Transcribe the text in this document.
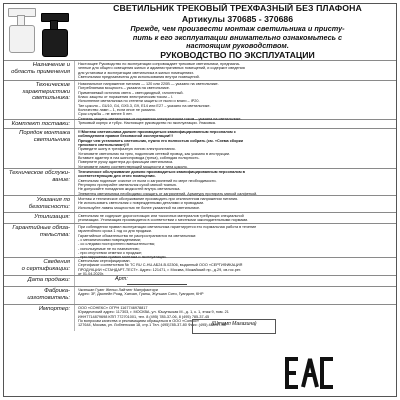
СВЕТИЛЬНИК ТРЕКОВЫЙ ТРЕХФАЗНЫЙ БЕЗ ПЛАФОНА
Артикулы 370685 - 370686
Прежде, чем произвести монтаж светильника и присту-
пить к его эксплуатации внимательно ознакомьтесь с
настоящим руководством.
РУКОВОДСТВО ПО ЭКСПЛУАТАЦИИ
Назначение и
область применения
Настоящее Руководство по эксплуатации сопровождает трековые светильники, предназна-
ченные для общего освещения жилых и административных помещений, и содержит сведения
для установки и эксплуатации светильника в жилых помещениях.
Светильники предназначены для использования внутри помещений.
Технические
характеристики
светильника:
Номинальное напряжение питания — 120 или 220В — указано на светильнике.
Потребляемая мощность – указана на светильнике.
Применяемый источник света – светодиодный, галогенный.
Класс защиты от поражения электрическим током – I.
Исполнение светильника по степени защиты от пыли и влаги – IP20.
Тип цоколя – GU10, G4, GX5.3, G9, E14 или E27 – указано на светильнике.
Количество ламп – 1, если иное не указано.
Срок службы – не менее 5 лет.
Степень защиты светильника от поражения электрическим током – указана на светильнике.
Комплект поставки: Трековый корпус и тубус. Настоящее руководство по эксплуатации. Упаковка.
Порядок монтажа
светильника
!!!Монтаж светильника должен производиться квалифицированным персоналом с
соблюдением правил безопасной эксплуатации!!!
Прежде чем установить светильник, нужно его полностью собрать (см. «Схема сборки
трекового светильника»)!!!
Приведите шину в трехфазную линию электропитания.
Установите светильник на трек, подключив сетевой провод, как указано в инструкции.
Вставьте адаптер в паз шинопровода (трека), соблюдая полярность.
Поверните ручку адаптера до фиксации светильника.
Установите лампу соответствующей мощности и типа цоколя.
Техническое обслужи-
вание:
Техническое обслуживание должно производиться квалифицированным персоналом в
соответствующим для этого помещении.
Светильник подлежит очистке от пыли и загрязнений по мере необходимости.
Регулярно протирайте светильник сухой мягкой тканью.
Не допускайте попадания жидкостей внутрь светильника.
Элементы светильника необходимо очищать от загрязнений. Арматуру протирать мягкой салфеткой.
Указания по
безопасности:
Монтаж и техническое обслуживание производить при отключенном напряжении питания.
Не использовать светильник с поврежденными деталями и проводами.
Используйте лампы мощностью не более указанной на светильнике.
Утилизация: Светильник не содержит дорогостоящих или токсичных материалов требующих специальной
утилизации. Утилизация производится в соответствии с местными законодательными нормами.
Гарантийные обяза-
тельства:
При соблюдении правил эксплуатации светильника гарантируется его нормальная работа в течение
гарантийного срока 1 год со дня продажи.
Гарантийные обязательства не распространяются на светильники:
- с механическими повреждениями;
- со следами постороннего вмешательства;
- используемые не по назначению;
- при отсутствии отметки о продаже;
- при нарушении правил монтажа и эксплуатации.
Сведения
о сертификации:
Светильник сертифицирован.
Сертификат соответствия № ТС RU C-HU.АБ24.В.02306, выданный ООО «СЕРТИФИКАЦИЯ
ПРОДУКЦИИ «СТАНДАРТ-ТЕСТ». Адрес: 121471, г. Москва, Можайский пр., д.29, св.гос.рег.
от 01.04.2020г.
Дата продажи:	Арт:
Фабрика-изготовитель:
Чжэншан Гуанг Женьи Лайтинг Мануфактори
Адрес: 3F, Даонейн Роад, Ханзан, Гуанш, Жуншан Сити, Гуандонг, КНР
Импортер: ООО «СОНЕКС» ОГРН 1167746978817
Юридический адрес: 117303, г. МОСКВА, ул. Юшуньская М., д. 1, к. 1, этаж 9, пом. 21
ИНН7714879698 КПП 772701001, тел. 8 (495) 785-37-06, 8 (495) 785-37-45
По вопросам качества и рекламациям обращаться в ООО «Сонекс»
127644, Москва, ул. Лобненская 18, стр.1 Тел. (495)785-37-80 Факс: (495) 485-37-45
(Штамп Магазина)
